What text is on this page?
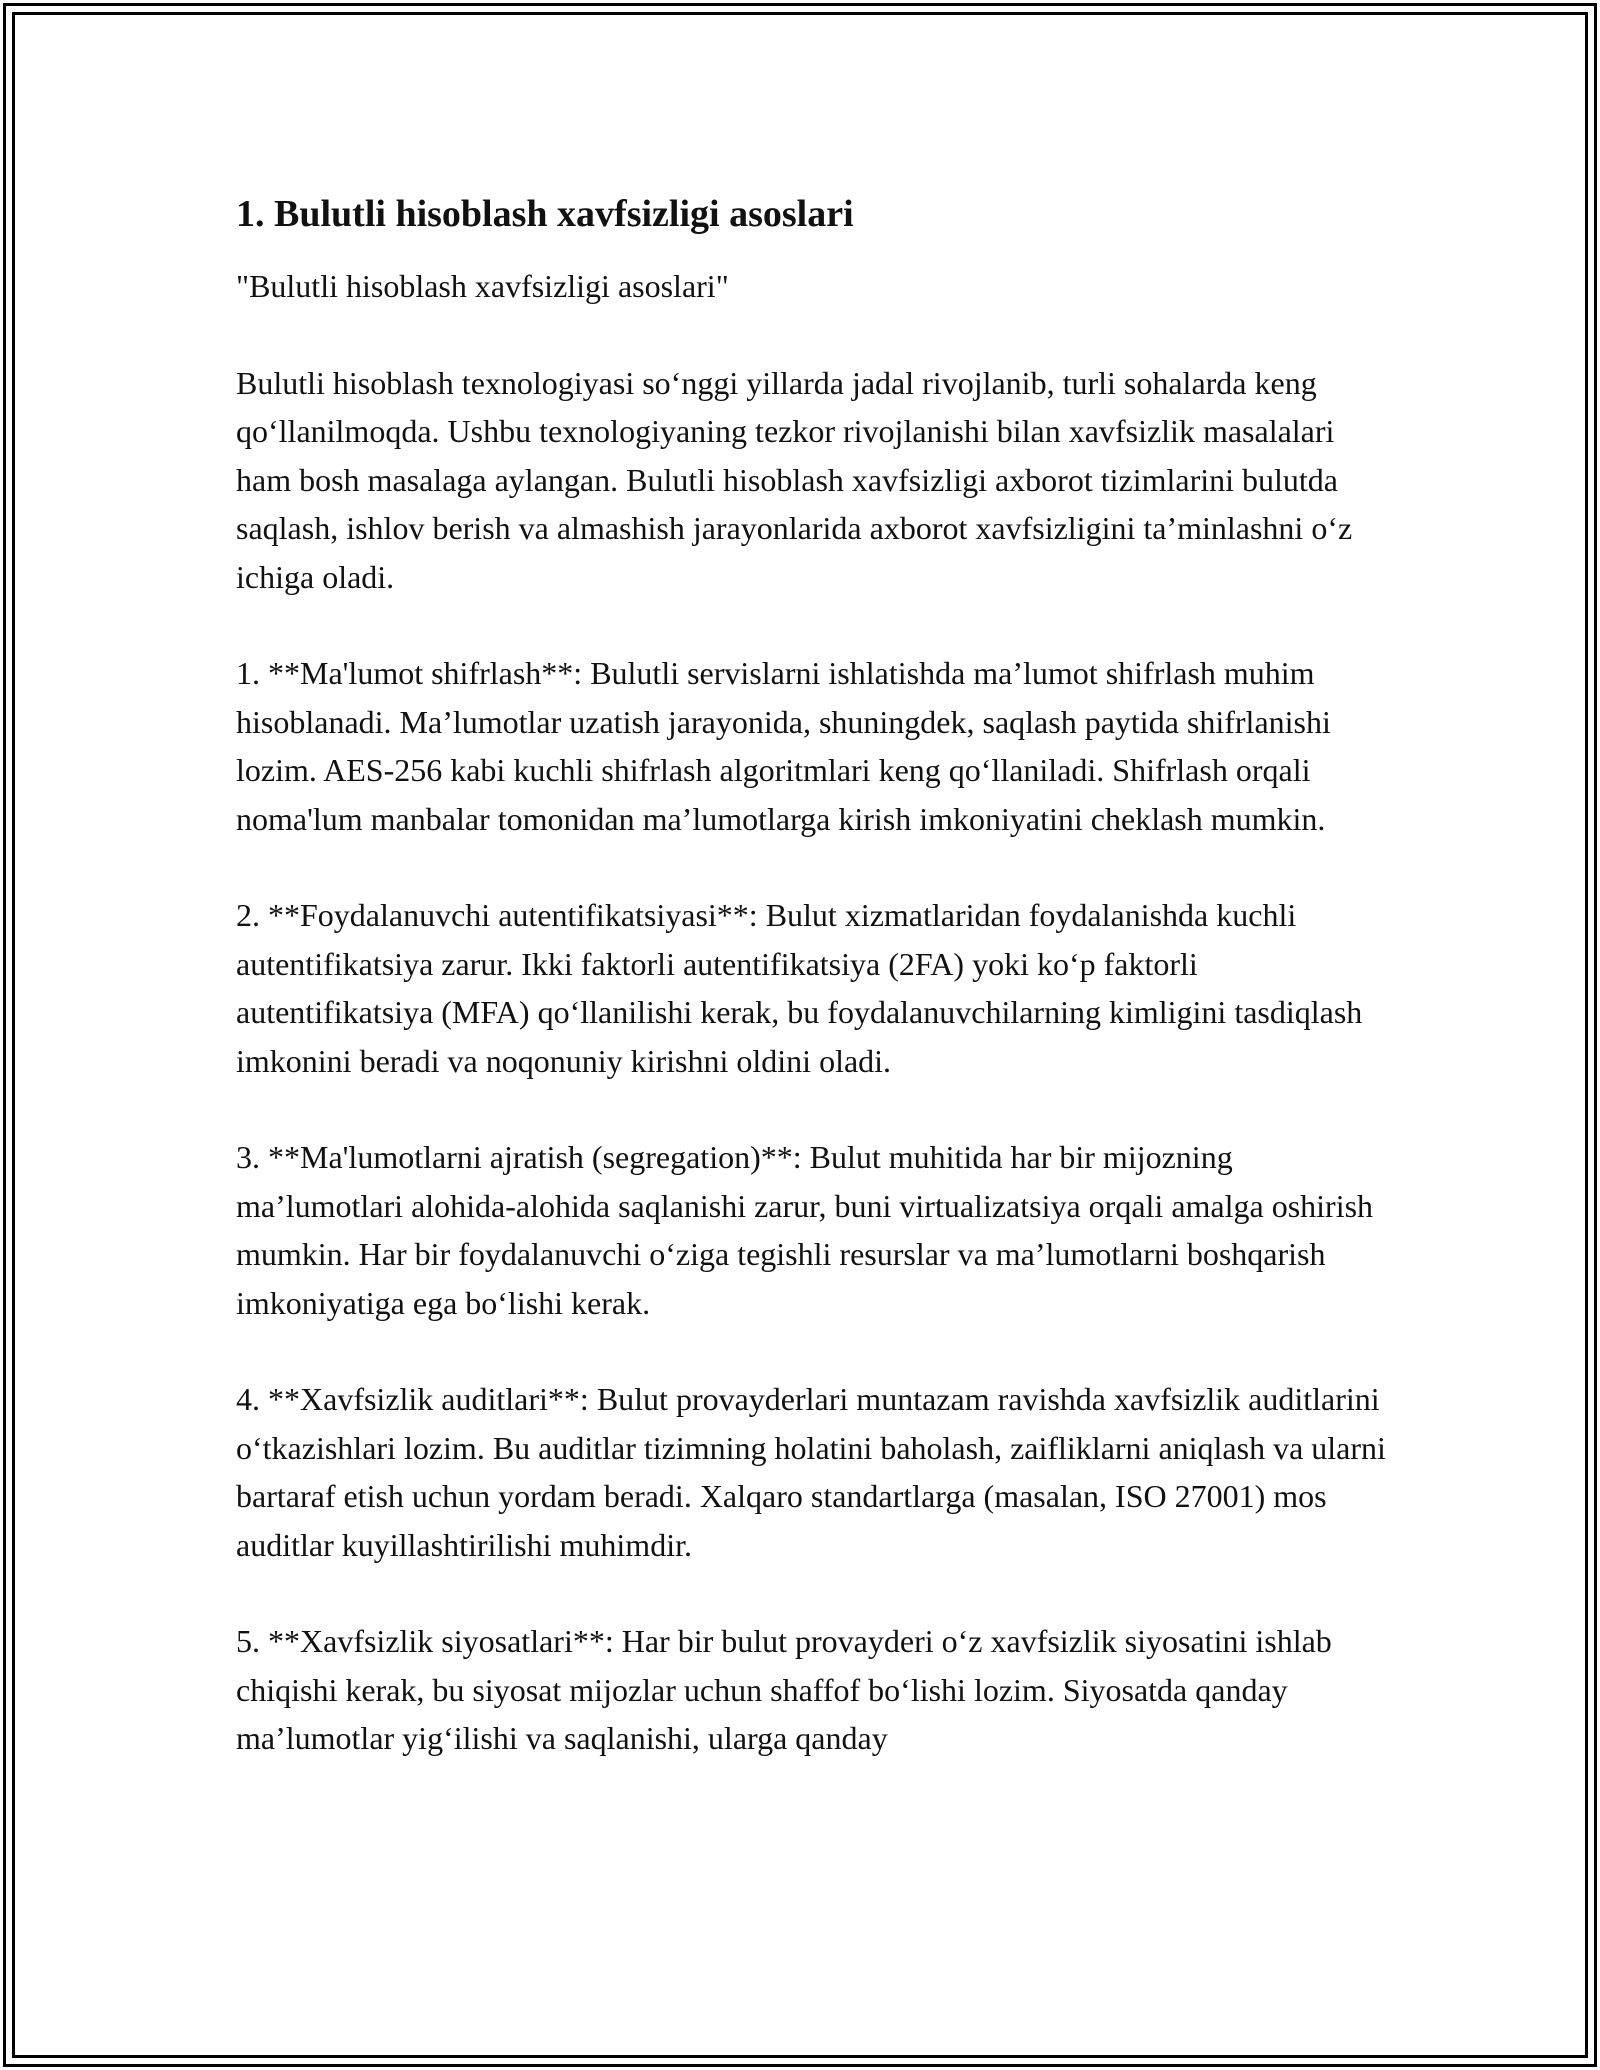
1. Bulutli hisoblash xavfsizligi asoslari

"Bulutli hisoblash xavfsizligi asoslari"

Bulutli hisoblash texnologiyasi so‘nggi yillarda jadal rivojlanib, turli sohalarda keng qo‘llanilmoqda. Ushbu texnologiyaning tezkor rivojlanishi bilan xavfsizlik masalalari ham bosh masalaga aylangan. Bulutli hisoblash xavfsizligi axborot tizimlarini bulutda saqlash, ishlov berish va almashish jarayonlarida axborot xavfsizligini ta’minlashni o‘z ichiga oladi.

1. **Ma'lumot shifrlash**: Bulutli servislarni ishlatishda ma’lumot shifrlash muhim hisoblanadi. Ma’lumotlar uzatish jarayonida, shuningdek, saqlash paytida shifrlanishi lozim. AES-256 kabi kuchli shifrlash algoritmlari keng qo‘llaniladi. Shifrlash orqali noma'lum manbalar tomonidan ma’lumotlarga kirish imkoniyatini cheklash mumkin.

2. **Foydalanuvchi autentifikatsiyasi**: Bulut xizmatlaridan foydalanishda kuchli autentifikatsiya zarur. Ikki faktorli autentifikatsiya (2FA) yoki ko‘p faktorli autentifikatsiya (MFA) qo‘llanilishi kerak, bu foydalanuvchilarning kimligini tasdiqlash imkonini beradi va noqonuniy kirishni oldini oladi.

3. **Ma'lumotlarni ajratish (segregation)**: Bulut muhitida har bir mijozning ma’lumotlari alohida-alohida saqlanishi zarur, buni virtualizatsiya orqali amalga oshirish mumkin. Har bir foydalanuvchi o‘ziga tegishli resurslar va ma’lumotlarni boshqarish imkoniyatiga ega bo‘lishi kerak.

4. **Xavfsizlik auditlari**: Bulut provayderlari muntazam ravishda xavfsizlik auditlarini o‘tkazishlari lozim. Bu auditlar tizimning holatini baholash, zaifliklarni aniqlash va ularni bartaraf etish uchun yordam beradi. Xalqaro standartlarga (masalan, ISO 27001) mos auditlar kuyillashtirilishi muhimdir.

5. **Xavfsizlik siyosatlari**: Har bir bulut provayderi o‘z xavfsizlik siyosatini ishlab chiqishi kerak, bu siyosat mijozlar uchun shaffof bo‘lishi lozim. Siyosatda qanday ma’lumotlar yig‘ilishi va saqlanishi, ularga qanday
